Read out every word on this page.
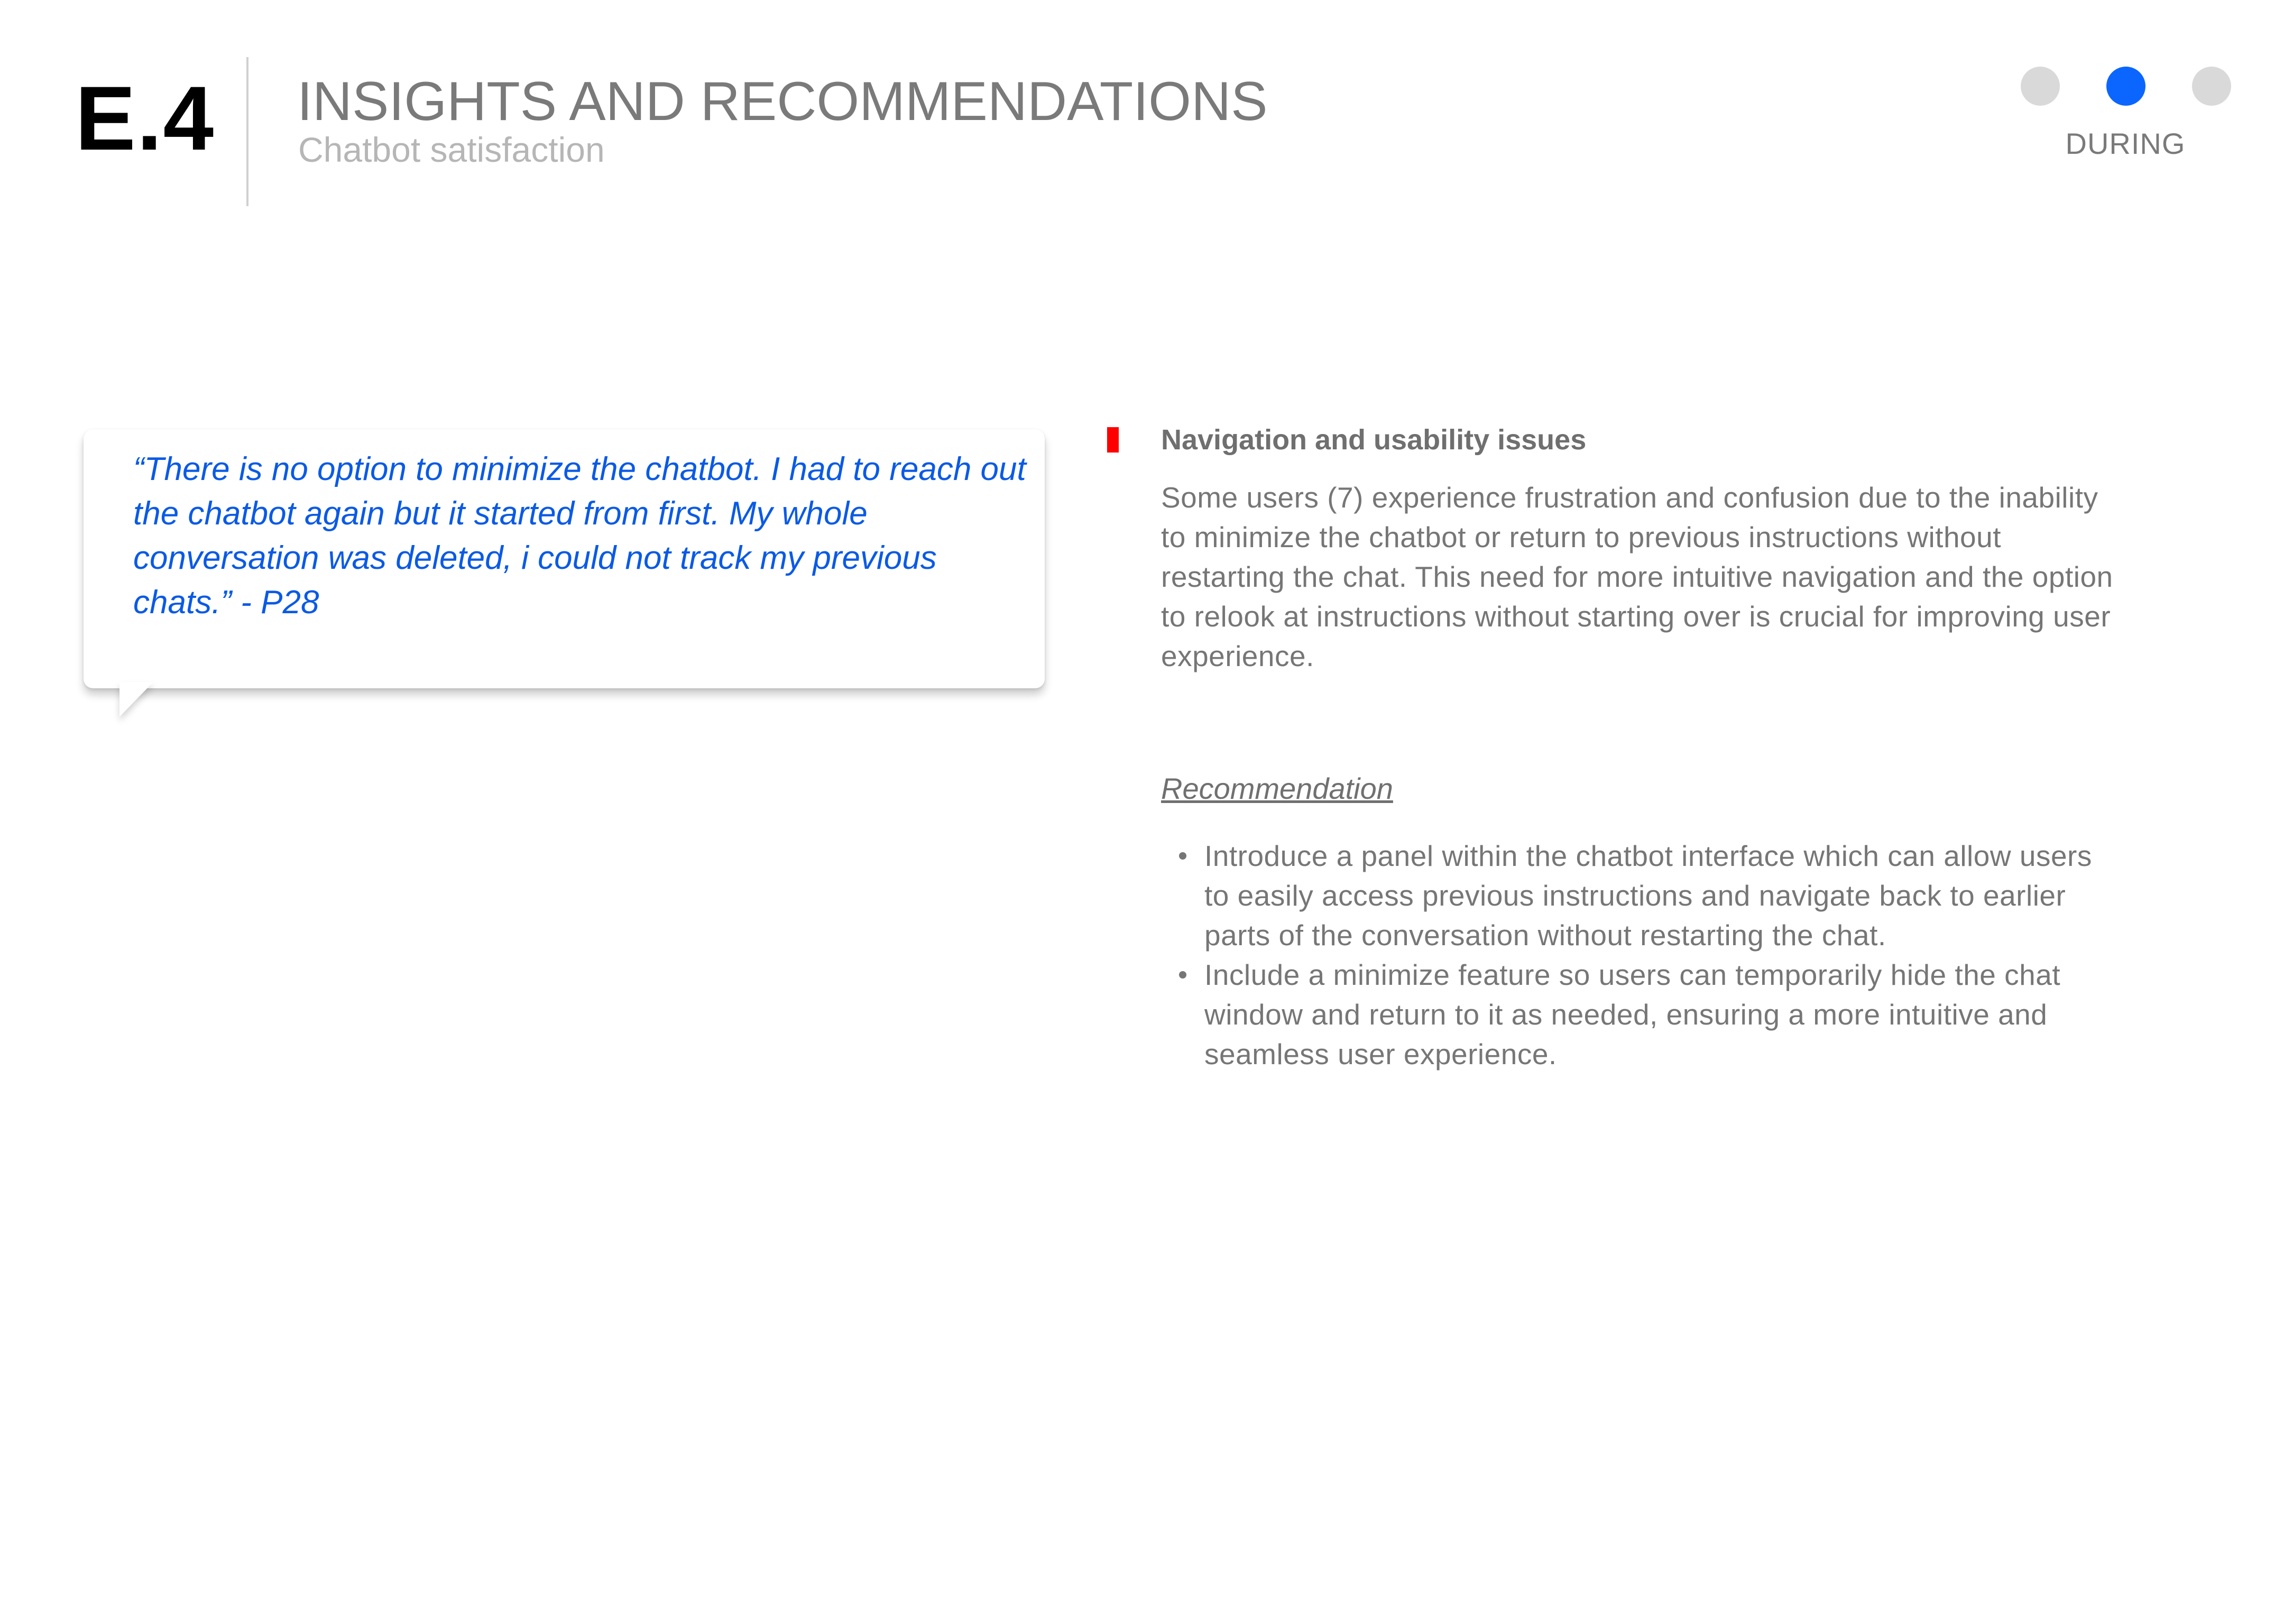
E.4 INSIGHTS AND RECOMMENDATIONS
Chatbot satisfaction	DURING
“There is no option to minimize the chatbot. I had to reach out the chatbot again but it started from first. My whole conversation was deleted, i could not track my previous chats.” - P28
Navigation and usability issues
Some users (7) experience frustration and confusion due to the inability to minimize the chatbot or return to previous instructions without restarting the chat. This need for more intuitive navigation and the option to relook at instructions without starting over is crucial for improving user experience.
Recommendation
Introduce a panel within the chatbot interface which can allow users to easily access previous instructions and navigate back to earlier parts of the conversation without restarting the chat.
Include a minimize feature so users can temporarily hide the chat window and return to it as needed, ensuring a more intuitive and seamless user experience.
